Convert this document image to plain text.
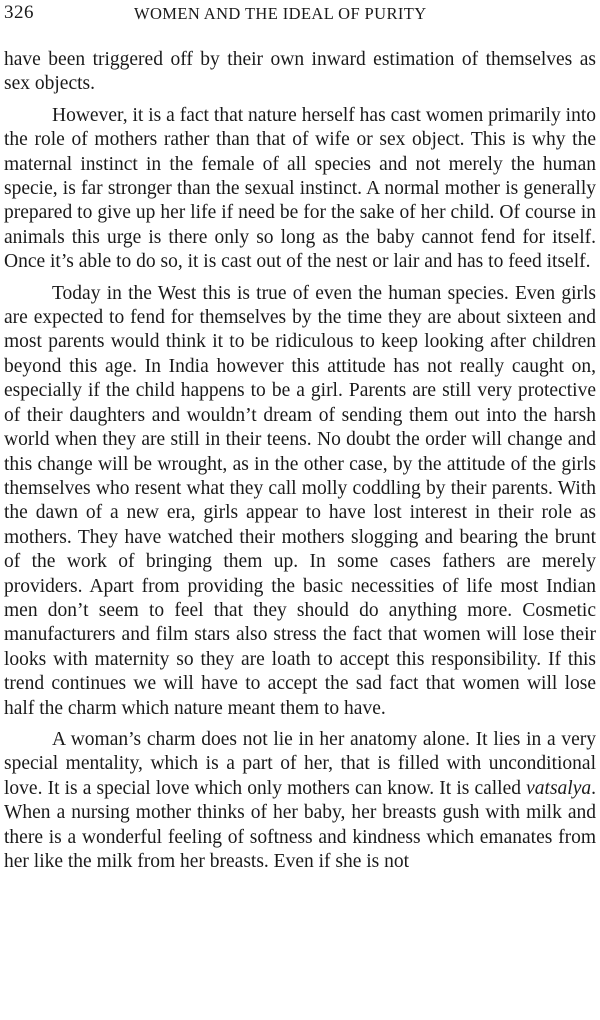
326	WOMEN AND THE IDEAL OF PURITY

have been triggered off by their own inward estimation of themselves as sex objects.

However, it is a fact that nature herself has cast women primarily into the role of mothers rather than that of wife or sex object. This is why the maternal instinct in the female of all species and not merely the human specie, is far stronger than the sexual instinct. A normal mother is generally prepared to give up her life if need be for the sake of her child. Of course in animals this urge is there only so long as the baby cannot fend for itself. Once it’s able to do so, it is cast out of the nest or lair and has to feed itself.

Today in the West this is true of even the human species. Even girls are expected to fend for themselves by the time they are about sixteen and most parents would think it to be ridiculous to keep looking after children beyond this age. In India however this attitude has not really caught on, especially if the child happens to be a girl. Parents are still very protective of their daughters and wouldn’t dream of sending them out into the harsh world when they are still in their teens. No doubt the order will change and this change will be wrought, as in the other case, by the attitude of the girls themselves who resent what they call molly coddling by their parents. With the dawn of a new era, girls appear to have lost interest in their role as mothers. They have watched their mothers slogging and bearing the brunt of the work of bringing them up. In some cases fathers are merely providers. Apart from providing the basic necessities of life most Indian men don’t seem to feel that they should do anything more. Cosmetic manufacturers and film stars also stress the fact that women will lose their looks with maternity so they are loath to accept this responsibility. If this trend continues we will have to accept the sad fact that women will lose half the charm which nature meant them to have.

A woman’s charm does not lie in her anatomy alone. It lies in a very special mentality, which is a part of her, that is filled with unconditional love. It is a special love which only mothers can know. It is called vatsalya. When a nursing mother thinks of her baby, her breasts gush with milk and there is a wonderful feeling of softness and kindness which emanates from her like the milk from her breasts. Even if she is not
